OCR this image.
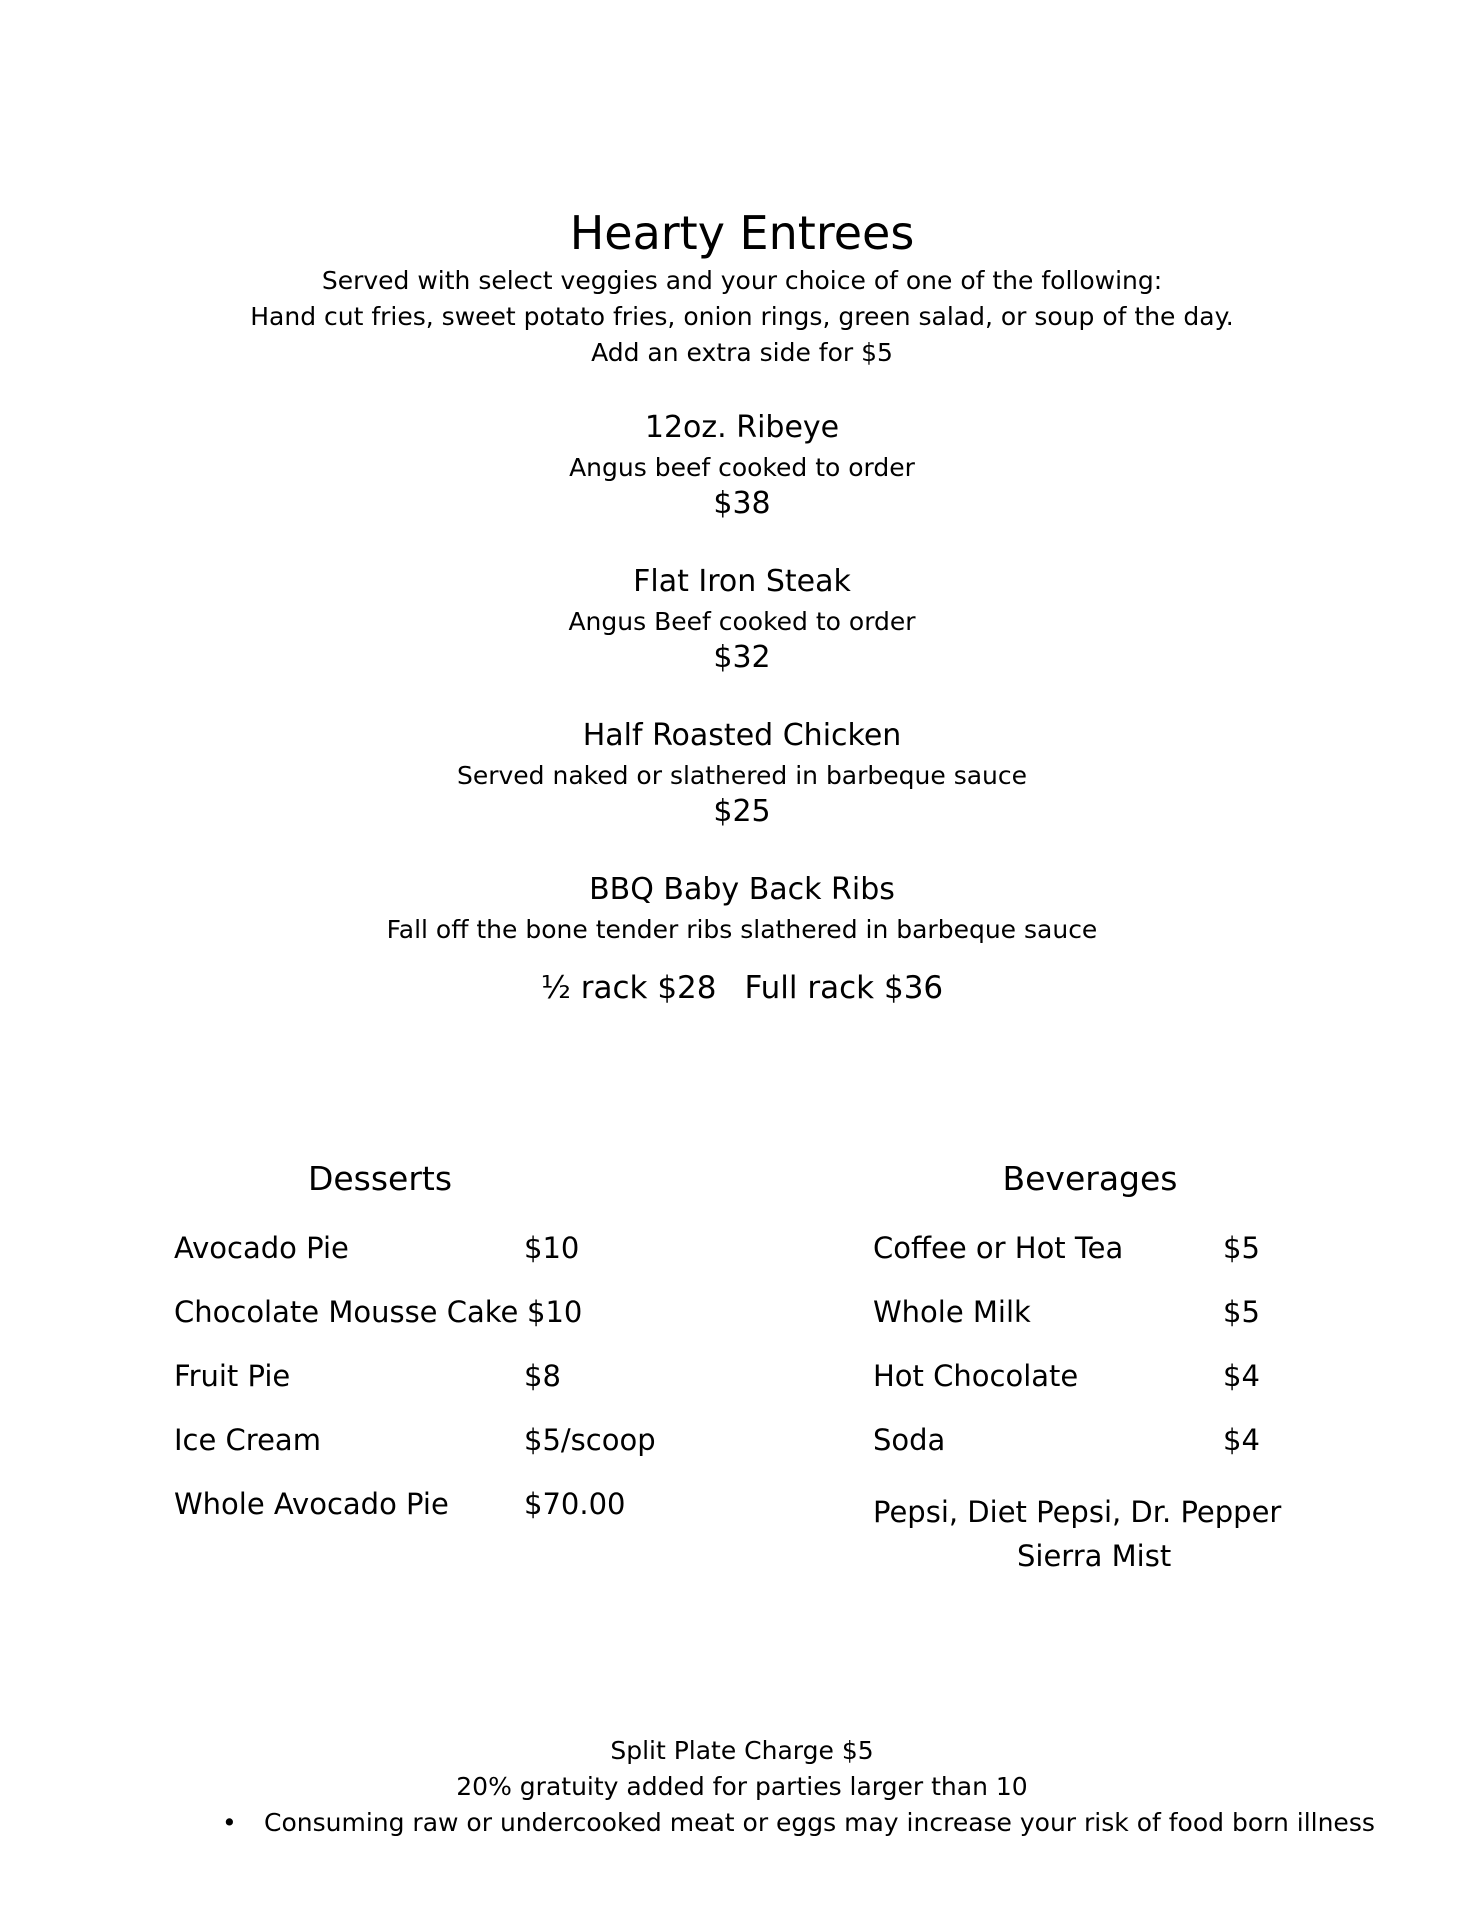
Hearty Entrees
Served with select veggies and your choice of one of the following:
Hand cut fries, sweet potato fries, onion rings, green salad, or soup of the day.
Add an extra side for $5
12oz. Ribeye
Angus beef cooked to order
$38
Flat Iron Steak
Angus Beef cooked to order
$32
Half Roasted Chicken
Served naked or slathered in barbeque sauce
$25
BBQ Baby Back Ribs
Fall off the bone tender ribs slathered in barbeque sauce
½ rack $28 Full rack $36
Desserts
Avocado Pie	$10
Chocolate Mousse Cake $10
Fruit Pie	$8
Ice Cream	$5/scoop
Whole Avocado Pie	$70.00
Beverages
Coffee or Hot Tea	$5
Whole Milk	$5
Hot Chocolate	$4
Soda	$4
Pepsi, Diet Pepsi, Dr. Pepper
Sierra Mist
Split Plate Charge $5
20% gratuity added for parties larger than 10
•	Consuming raw or undercooked meat or eggs may increase your risk of food born illness
